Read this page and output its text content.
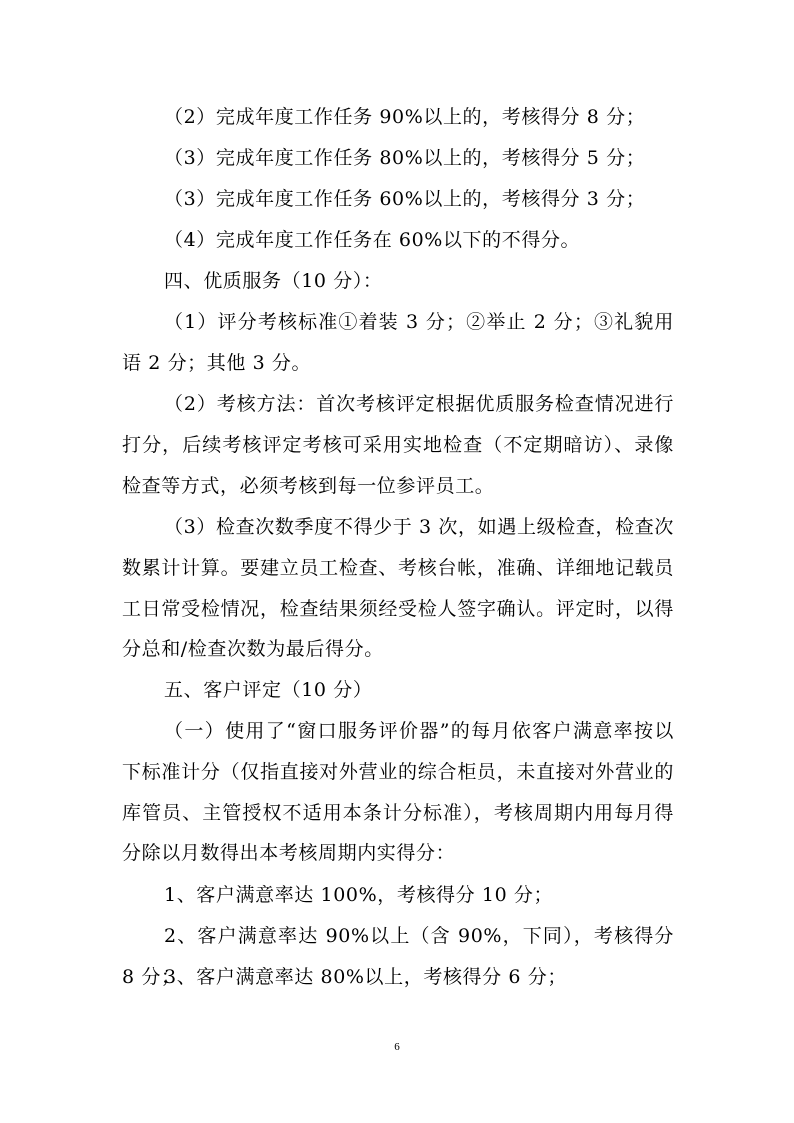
（2）完成年度工作任务 90%以上的，考核得分 8 分；

（3）完成年度工作任务 80%以上的，考核得分 5 分；

（3）完成年度工作任务 60%以上的，考核得分 3 分；

（4）完成年度工作任务在 60%以下的不得分。

四、优质服务（10 分）：

（1）评分考核标准①着装 3 分；②举止 2 分；③礼貌用语 2 分；其他 3 分。

（2）考核方法：首次考核评定根据优质服务检查情况进行打分，后续考核评定考核可采用实地检查（不定期暗访）、录像检查等方式，必须考核到每一位参评员工。

（3）检查次数季度不得少于 3 次，如遇上级检查，检查次数累计计算。要建立员工检查、考核台帐，准确、详细地记载员工日常受检情况，检查结果须经受检人签字确认。评定时，以得分总和/检查次数为最后得分。

五、客户评定（10 分）

（一）使用了“窗口服务评价器”的每月依客户满意率按以下标准计分（仅指直接对外营业的综合柜员，未直接对外营业的库管员、主管授权不适用本条计分标准），考核周期内用每月得分除以月数得出本考核周期内实得分：

1、客户满意率达 100%，考核得分 10 分；

2、客户满意率达 90%以上（含 90%，下同），考核得分 8 分；

3、客户满意率达 80%以上，考核得分 6 分；

6
